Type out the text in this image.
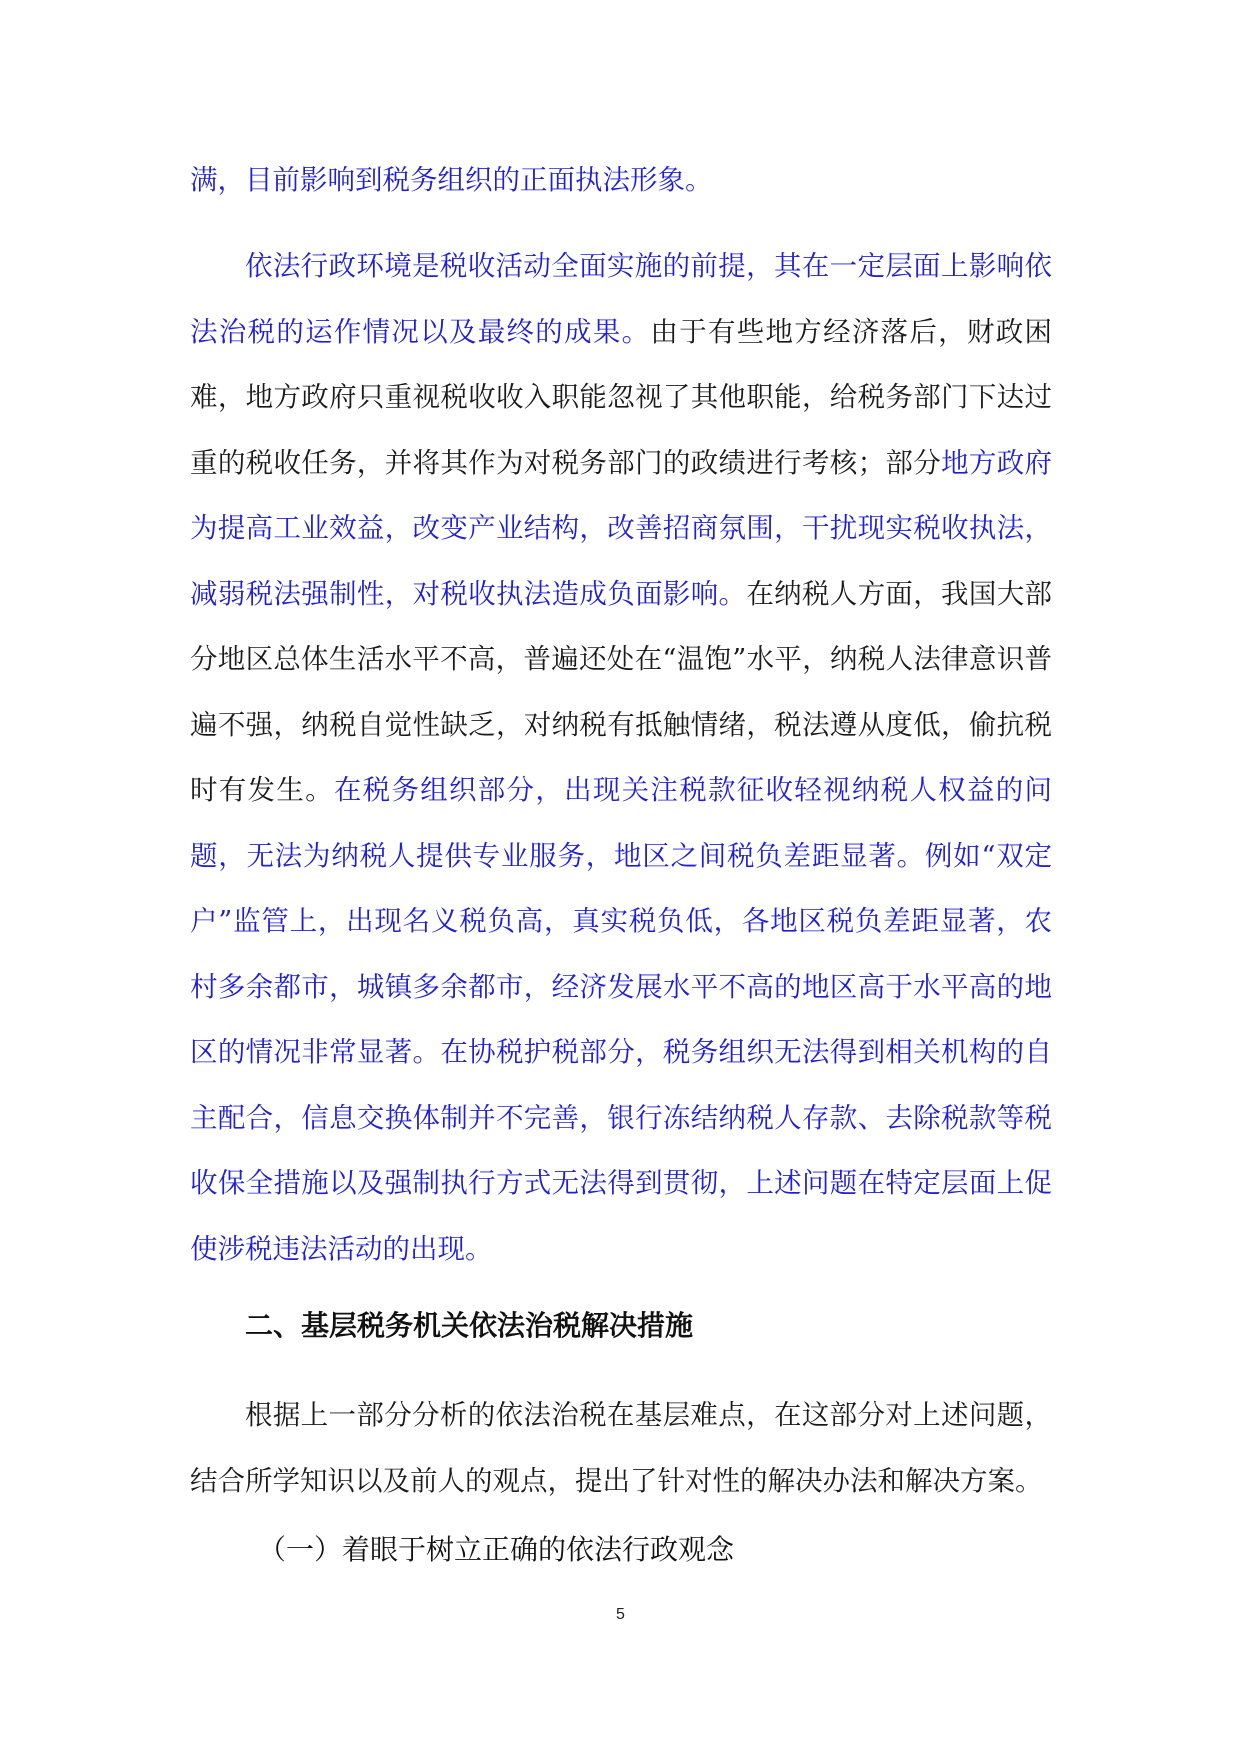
满，目前影响到税务组织的正面执法形象。

依法行政环境是税收活动全面实施的前提，其在一定层面上影响依法治税的运作情况以及最终的成果。由于有些地方经济落后，财政困难，地方政府只重视税收收入职能忽视了其他职能，给税务部门下达过重的税收任务，并将其作为对税务部门的政绩进行考核；部分地方政府为提高工业效益，改变产业结构，改善招商氛围，干扰现实税收执法，减弱税法强制性，对税收执法造成负面影响。在纳税人方面，我国大部分地区总体生活水平不高，普遍还处在“温饱”水平，纳税人法律意识普遍不强，纳税自觉性缺乏，对纳税有抵触情绪，税法遵从度低，偷抗税时有发生。在税务组织部分，出现关注税款征收轻视纳税人权益的问题，无法为纳税人提供专业服务，地区之间税负差距显著。例如“双定户”监管上，出现名义税负高，真实税负低，各地区税负差距显著，农村多余都市，城镇多余都市，经济发展水平不高的地区高于水平高的地区的情况非常显著。在协税护税部分，税务组织无法得到相关机构的自主配合，信息交换体制并不完善，银行冻结纳税人存款、去除税款等税收保全措施以及强制执行方式无法得到贯彻，上述问题在特定层面上促使涉税违法活动的出现。

二、基层税务机关依法治税解决措施

根据上一部分分析的依法治税在基层难点，在这部分对上述问题，结合所学知识以及前人的观点，提出了针对性的解决办法和解决方案。

（一）着眼于树立正确的依法行政观念
5
